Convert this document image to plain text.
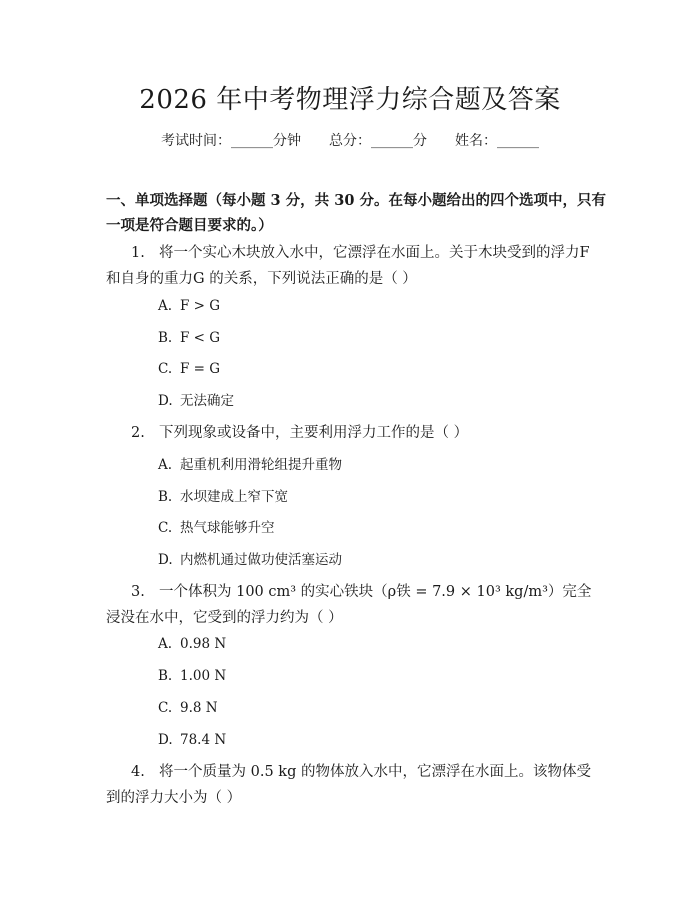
2026 年中考物理浮力综合题及答案
考试时间：______分钟 总分：______分 姓名：______
一、单项选择题（每小题 3 分，共 30 分。在每小题给出的四个选项中，只有一项是符合题目要求的。）
1. 将一个实心木块放入水中，它漂浮在水面上。关于木块受到的浮力F 和自身的重力G 的关系，下列说法正确的是（ ）
A. F > G
B. F < G
C. F = G
D. 无法确定
2. 下列现象或设备中，主要利用浮力工作的是（ ）
A. 起重机利用滑轮组提升重物
B. 水坝建成上窄下宽
C. 热气球能够升空
D. 内燃机通过做功使活塞运动
3. 一个体积为 100 cm³ 的实心铁块（ρ铁 = 7.9 × 10³ kg/m³）完全浸没在水中，它受到的浮力约为（ ）
A. 0.98 N
B. 1.00 N
C. 9.8 N
D. 78.4 N
4. 将一个质量为 0.5 kg 的物体放入水中，它漂浮在水面上。该物体受到的浮力大小为（ ）
